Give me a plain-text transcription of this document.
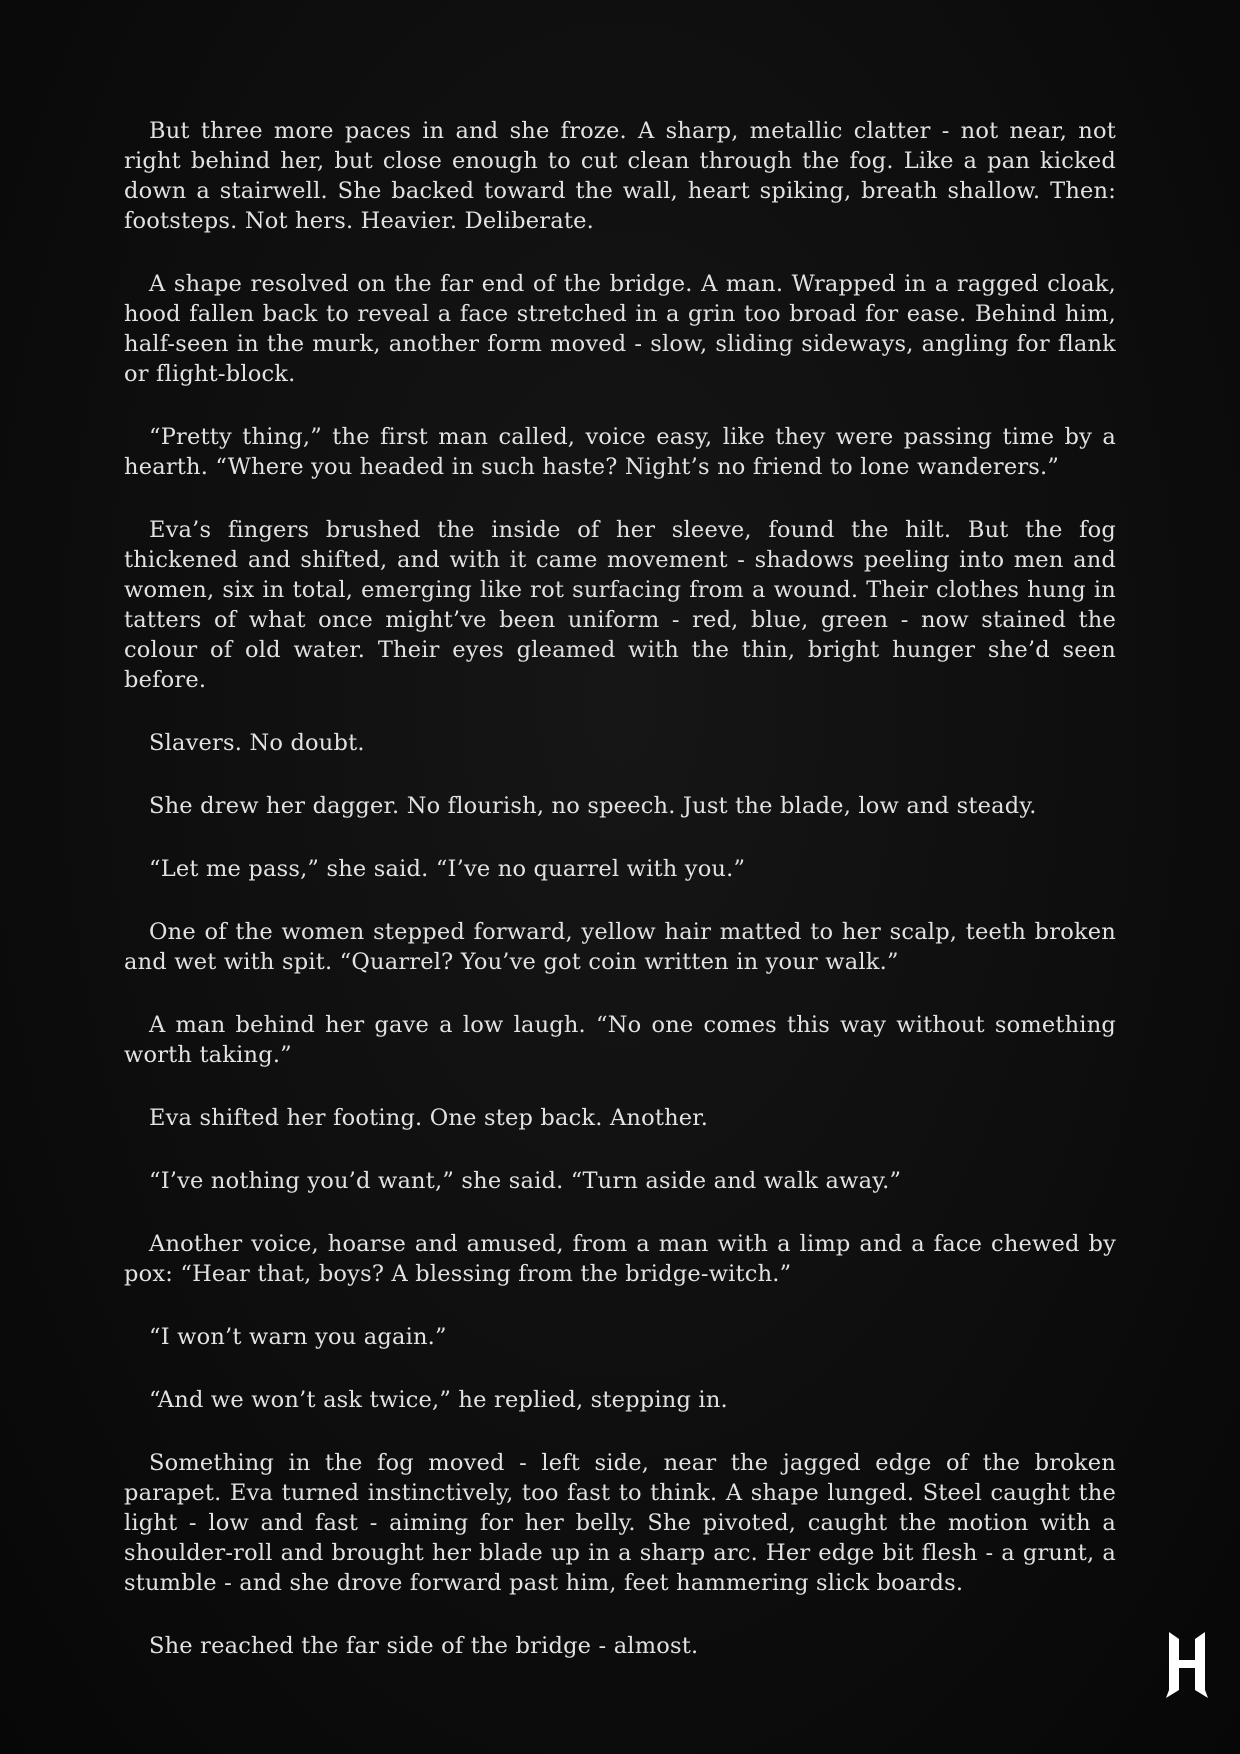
But three more paces in and she froze. A sharp, metallic clatter - not near, not right behind her, but close enough to cut clean through the fog. Like a pan kicked down a stairwell. She backed toward the wall, heart spiking, breath shallow. Then: footsteps. Not hers. Heavier. Deliberate.

A shape resolved on the far end of the bridge. A man. Wrapped in a ragged cloak, hood fallen back to reveal a face stretched in a grin too broad for ease. Behind him, half-seen in the murk, another form moved - slow, sliding sideways, angling for flank or flight-block.

“Pretty thing,” the first man called, voice easy, like they were passing time by a hearth. “Where you headed in such haste? Night’s no friend to lone wanderers.”

Eva’s fingers brushed the inside of her sleeve, found the hilt. But the fog thickened and shifted, and with it came movement - shadows peeling into men and women, six in total, emerging like rot surfacing from a wound. Their clothes hung in tatters of what once might’ve been uniform - red, blue, green - now stained the colour of old water. Their eyes gleamed with the thin, bright hunger she’d seen before.

Slavers. No doubt.

She drew her dagger. No flourish, no speech. Just the blade, low and steady.

“Let me pass,” she said. “I’ve no quarrel with you.”

One of the women stepped forward, yellow hair matted to her scalp, teeth broken and wet with spit. “Quarrel? You’ve got coin written in your walk.”

A man behind her gave a low laugh. “No one comes this way without something worth taking.”

Eva shifted her footing. One step back. Another.

“I’ve nothing you’d want,” she said. “Turn aside and walk away.”

Another voice, hoarse and amused, from a man with a limp and a face chewed by pox: “Hear that, boys? A blessing from the bridge-witch.”

“I won’t warn you again.”

“And we won’t ask twice,” he replied, stepping in.

Something in the fog moved - left side, near the jagged edge of the broken parapet. Eva turned instinctively, too fast to think. A shape lunged. Steel caught the light - low and fast - aiming for her belly. She pivoted, caught the motion with a shoulder-roll and brought her blade up in a sharp arc. Her edge bit flesh - a grunt, a stumble - and she drove forward past him, feet hammering slick boards.

She reached the far side of the bridge - almost.
